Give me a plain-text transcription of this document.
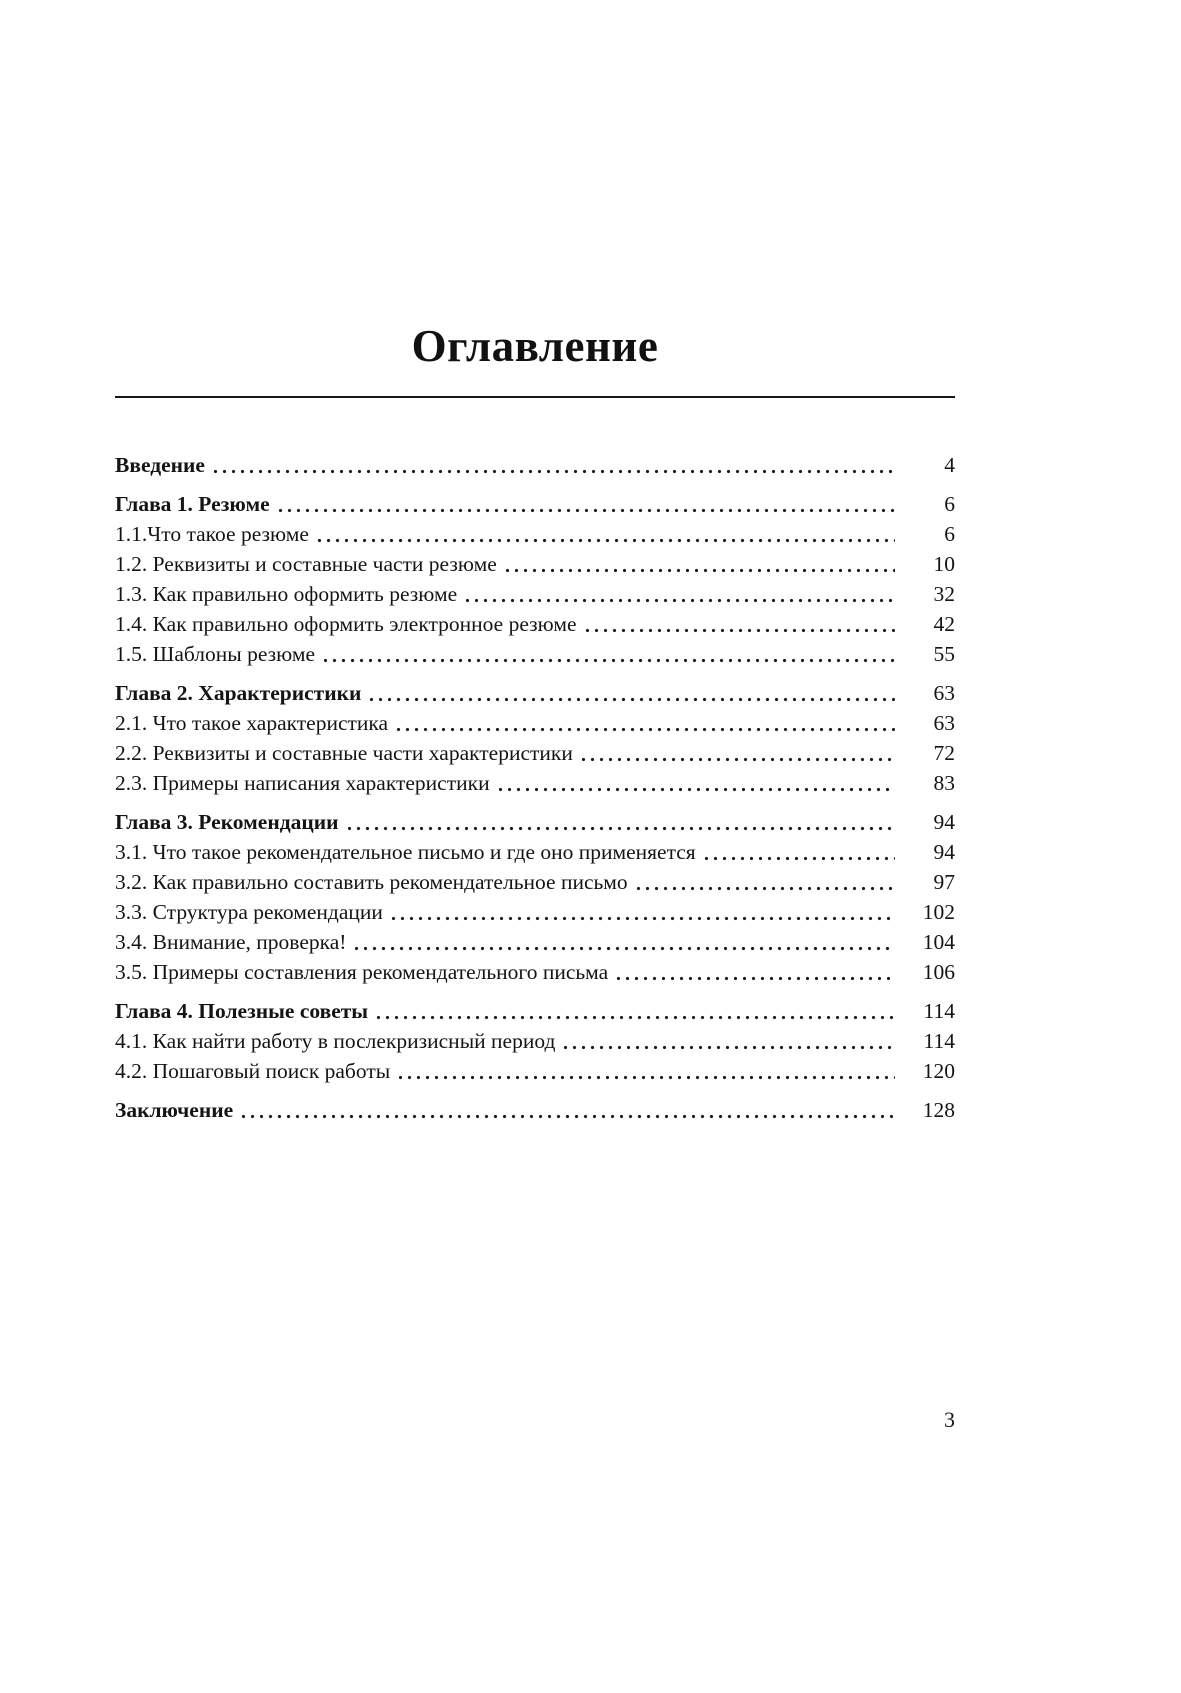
Оглавление
Введение	4
Глава 1. Резюме	6
1.1.Что такое резюме	6
1.2. Реквизиты и составные части резюме	10
1.3. Как правильно оформить резюме	32
1.4. Как правильно оформить электронное резюме	42
1.5. Шаблоны резюме	55
Глава 2. Характеристики	63
2.1. Что такое характеристика	63
2.2. Реквизиты и составные части характеристики	72
2.3. Примеры написания характеристики	83
Глава 3. Рекомендации	94
3.1. Что такое рекомендательное письмо и где оно применяется	94
3.2. Как правильно составить рекомендательное письмо	97
3.3. Структура рекомендации	102
3.4. Внимание, проверка!	104
3.5. Примеры составления рекомендательного письма	106
Глава 4. Полезные советы	114
4.1. Как найти работу в послекризисный период	114
4.2. Пошаговый поиск работы	120
Заключение	128
3
